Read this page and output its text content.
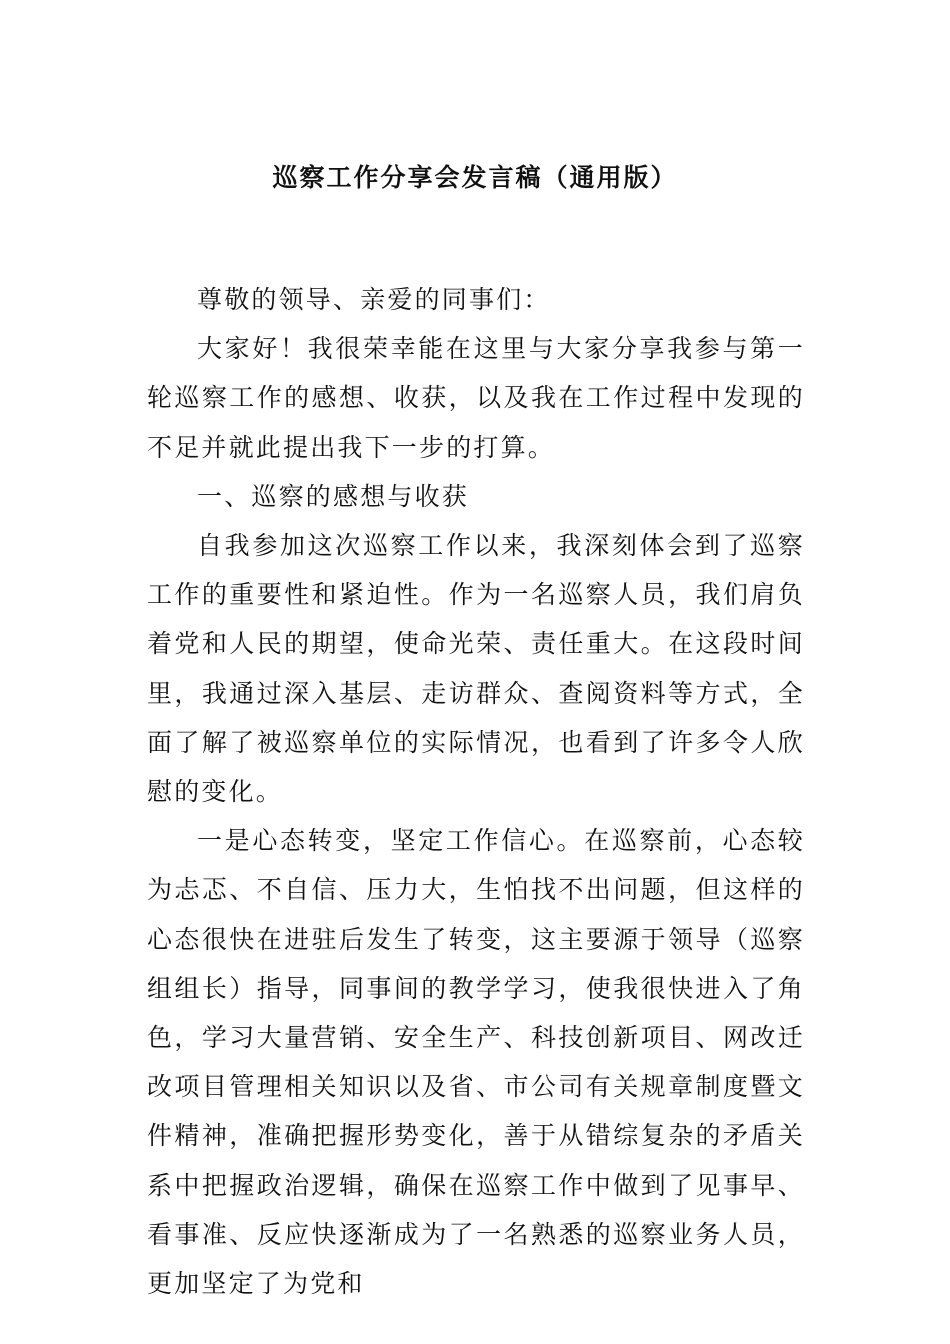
巡察工作分享会发言稿（通用版）

尊敬的领导、亲爱的同事们：

大家好！我很荣幸能在这里与大家分享我参与第一轮巡察工作的感想、收获，以及我在工作过程中发现的不足并就此提出我下一步的打算。

一、巡察的感想与收获

自我参加这次巡察工作以来，我深刻体会到了巡察工作的重要性和紧迫性。作为一名巡察人员，我们肩负着党和人民的期望，使命光荣、责任重大。在这段时间里，我通过深入基层、走访群众、查阅资料等方式，全面了解了被巡察单位的实际情况，也看到了许多令人欣慰的变化。

一是心态转变，坚定工作信心。在巡察前，心态较为忐忑、不自信、压力大，生怕找不出问题，但这样的心态很快在进驻后发生了转变，这主要源于领导（巡察组组长）指导，同事间的教学学习，使我很快进入了角色，学习大量营销、安全生产、科技创新项目、网改迁改项目管理相关知识以及省、市公司有关规章制度暨文件精神，准确把握形势变化，善于从错综复杂的矛盾关系中把握政治逻辑，确保在巡察工作中做到了见事早、看事准、反应快逐渐成为了一名熟悉的巡察业务人员，更加坚定了为党和
